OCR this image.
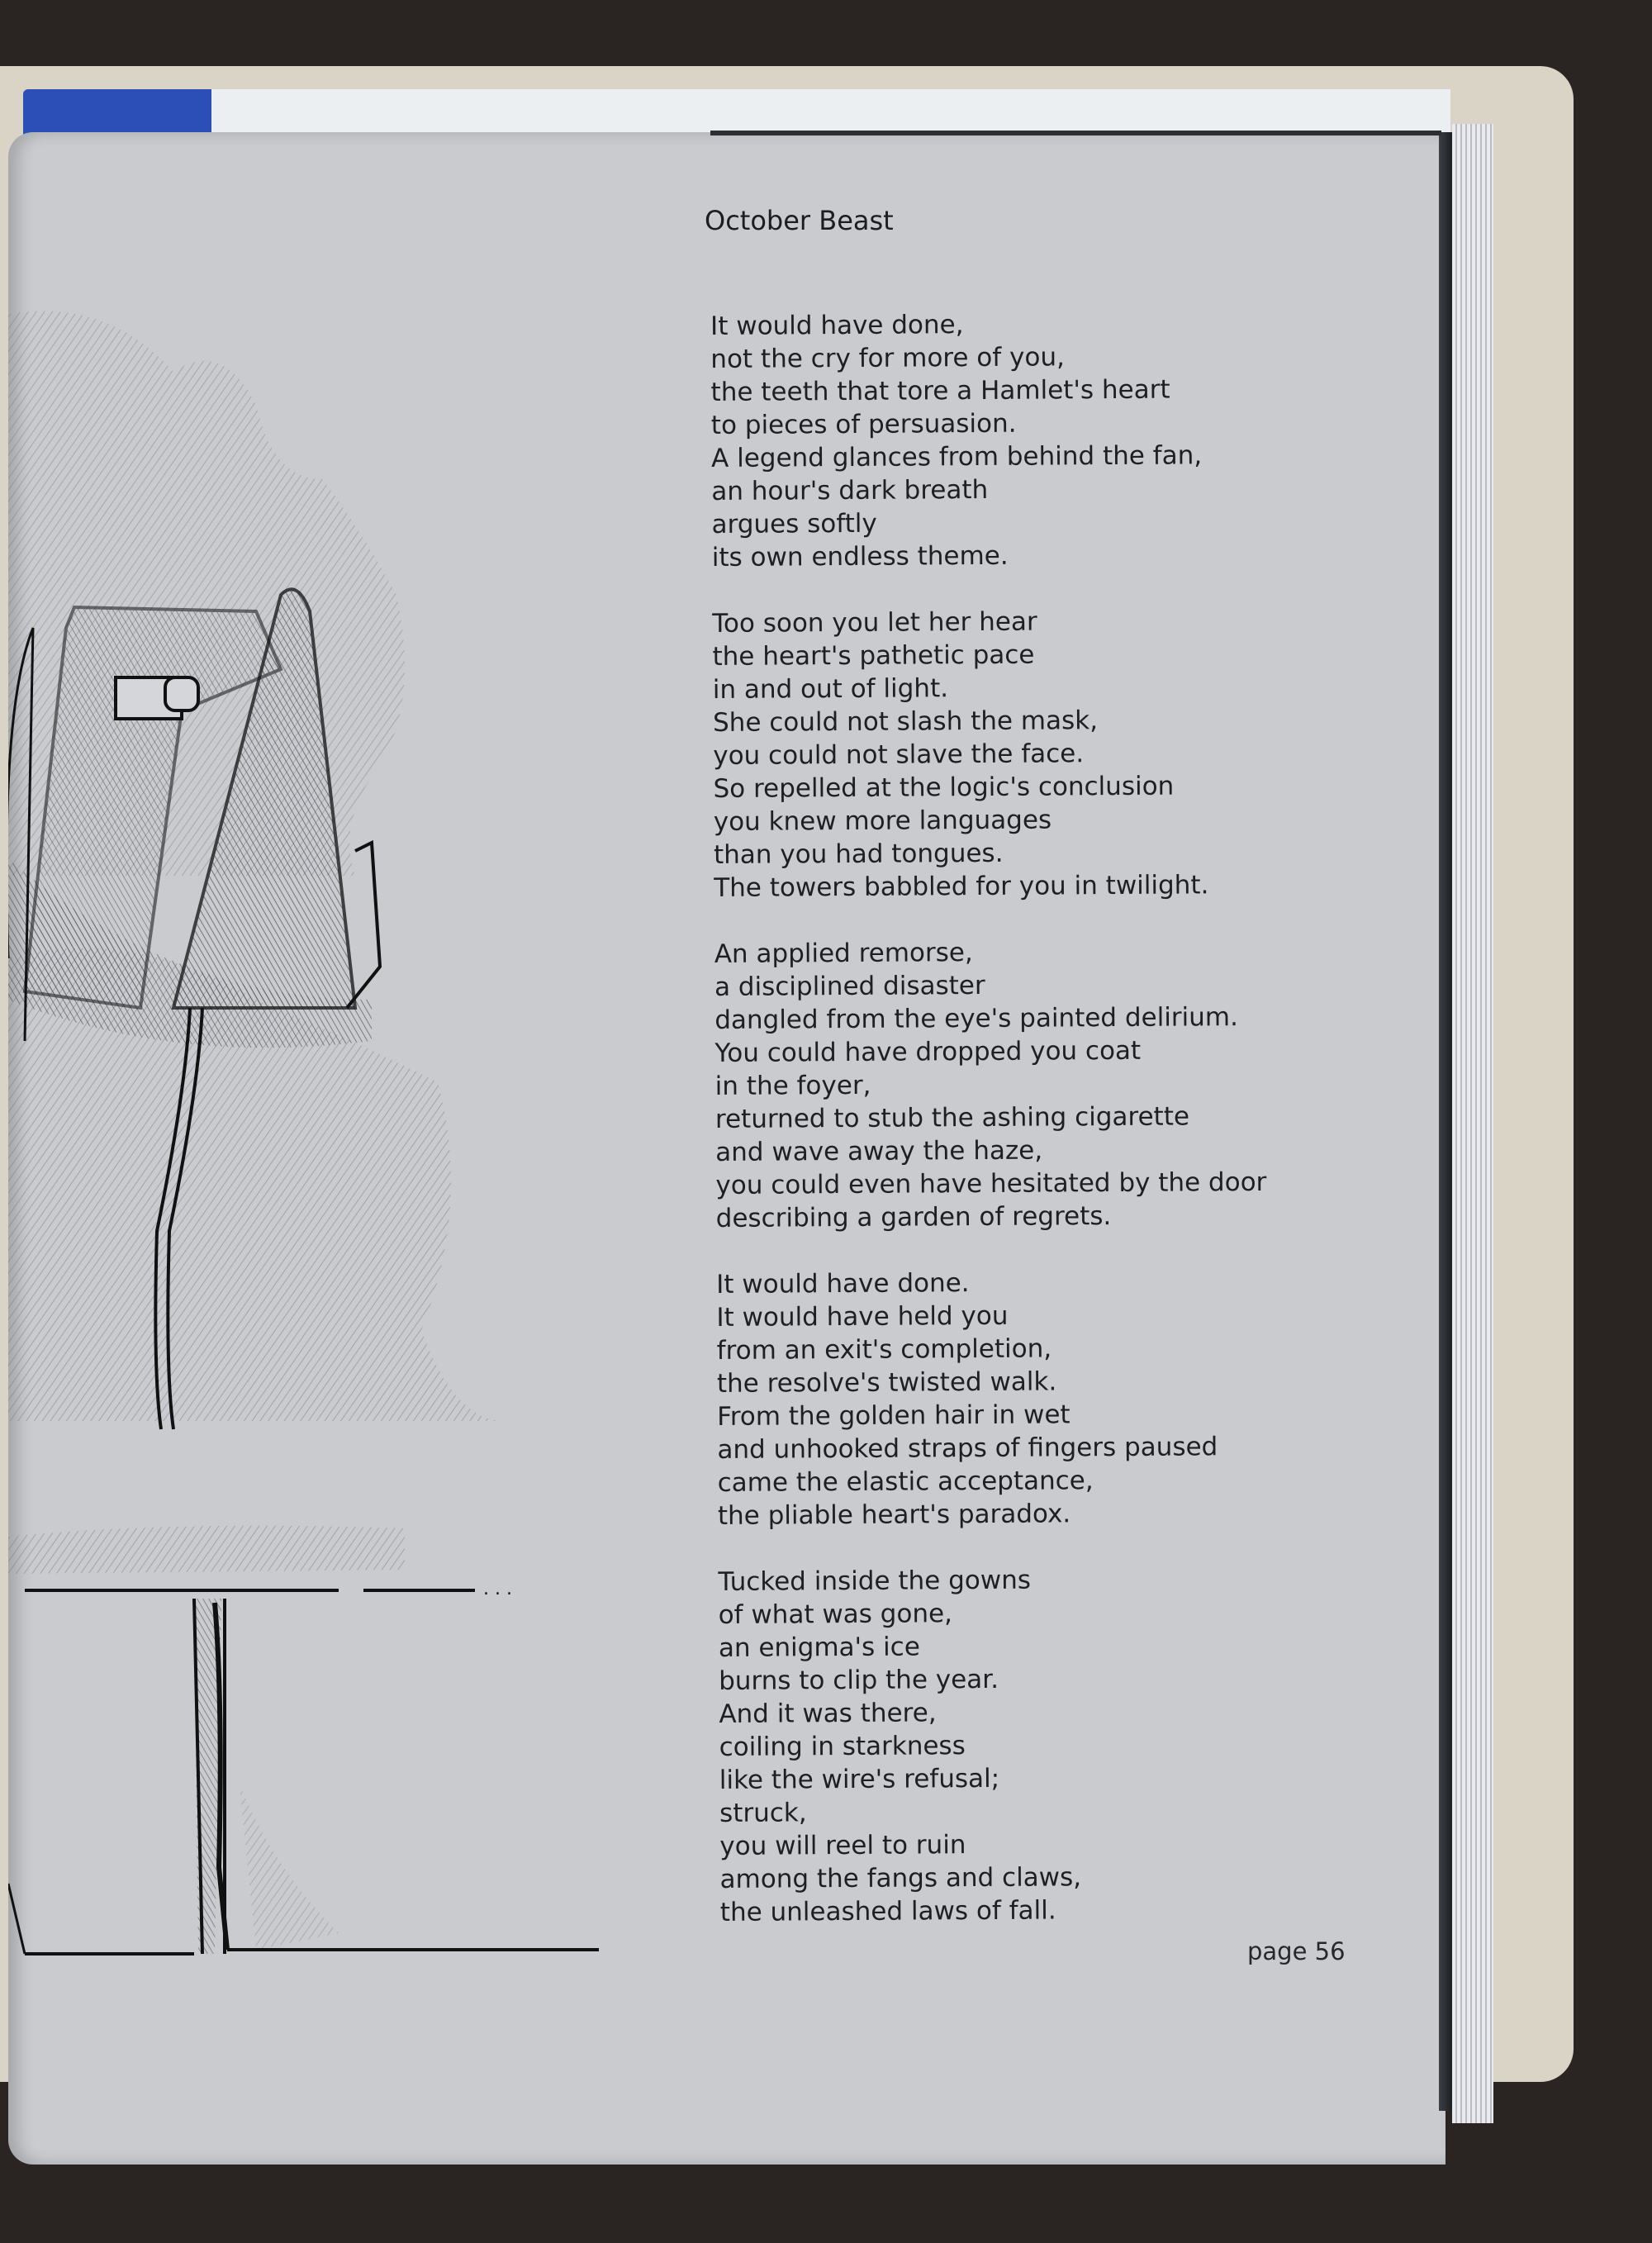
. . .
October Beast
It would have done,
not the cry for more of you,
the teeth that tore a Hamlet's heart
to pieces of persuasion.
A legend glances from behind the fan,
an hour's dark breath
argues softly
its own endless theme.
Too soon you let her hear
the heart's pathetic pace
in and out of light.
She could not slash the mask,
you could not slave the face.
So repelled at the logic's conclusion
you knew more languages
than you had tongues.
The towers babbled for you in twilight.
An applied remorse,
a disciplined disaster
dangled from the eye's painted delirium.
You could have dropped you coat
in the foyer,
returned to stub the ashing cigarette
and wave away the haze,
you could even have hesitated by the door
describing a garden of regrets.
It would have done.
It would have held you
from an exit's completion,
the resolve's twisted walk.
From the golden hair in wet
and unhooked straps of fingers paused
came the elastic acceptance,
the pliable heart's paradox.
Tucked inside the gowns
of what was gone,
an enigma's ice
burns to clip the year.
And it was there,
coiling in starkness
like the wire's refusal;
struck,
you will reel to ruin
among the fangs and claws,
the unleashed laws of fall.
page 56
